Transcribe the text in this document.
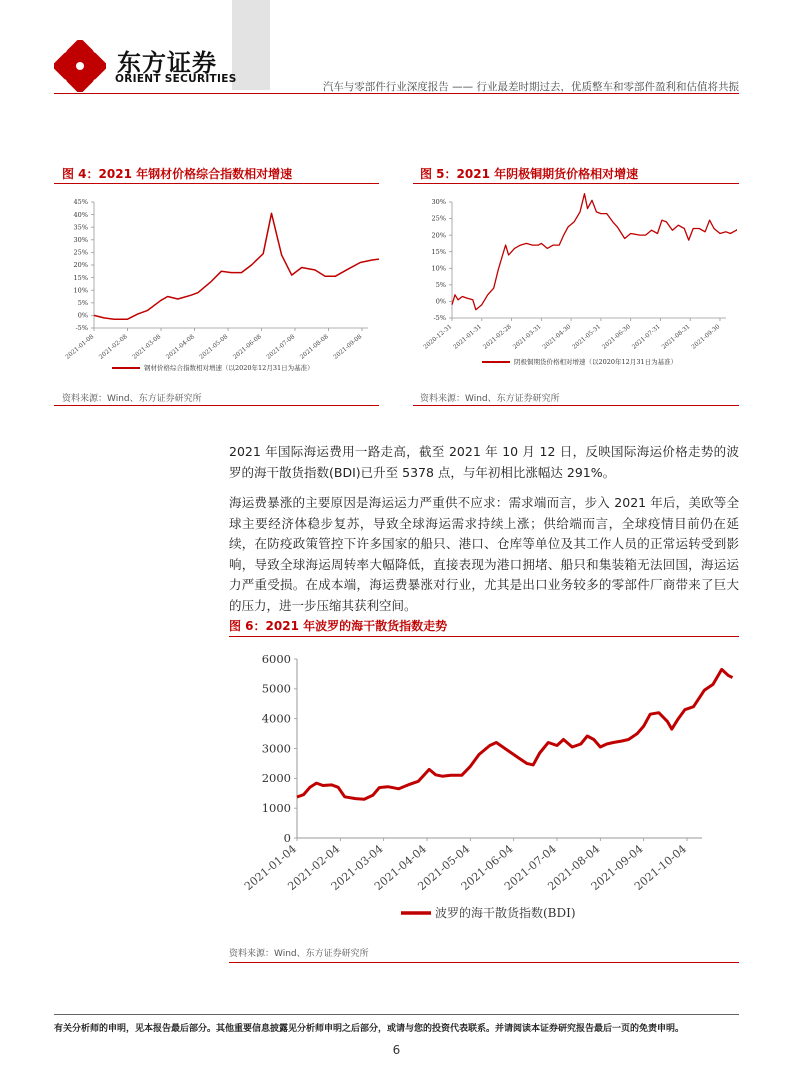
东方证券
ORIENT SECURITIES
汽车与零部件行业深度报告 —— 行业最差时期过去，优质整车和零部件盈利和估值将共振
图 4：2021 年钢材价格综合指数相对增速
45%
40%
35%
30%
25%
20%
15%
10%
5%
0%
-5%
2021-01-08 2021-02-08 2021-03-08 2021-04-08 2021-05-08 2021-06-08 2021-07-08 2021-08-08 2021-09-08
钢材价格综合指数相对增速（以2020年12月31日为基准）
资料来源：Wind、东方证券研究所
图 5：2021 年阴极铜期货价格相对增速
30%
25%
20%
15%
10%
5%
0%
-5%
2020-12-31
2021-01-31
2021-02-28
2021-03-31
2021-04-30
2021-05-31
2021-06-30
2021-07-31
2021-08-31
2021-09-30
阴极铜期货价格相对增速（以2020年12月31日为基准）
资料来源：Wind、东方证券研究所

2021 年国际海运费用一路走高，截至 2021 年 10 月 12 日，反映国际海运价格走势的波罗的海干散货指数(BDI)已升至 5378 点，与年初相比涨幅达 291%。

海运费暴涨的主要原因是海运运力严重供不应求：需求端而言，步入 2021 年后，美欧等全球主要经济体稳步复苏，导致全球海运需求持续上涨；供给端而言，全球疫情目前仍在延续，在防疫政策管控下许多国家的船只、港口、仓库等单位及其工作人员的正常运转受到影响，导致全球海运周转率大幅降低，直接表现为港口拥堵、船只和集装箱无法回国，海运运力严重受损。在成本端，海运费暴涨对行业，尤其是出口业务较多的零部件厂商带来了巨大的压力，进一步压缩其获利空间。

图 6：2021 年波罗的海干散货指数走势
0
1000
2000
3000
4000
5000
6000
2021-01-04
2021-02-04
2021-03-04
2021-04-04
2021-05-04
2021-06-04
2021-07-04
2021-08-04
2021-09-04
2021-10-04
波罗的海干散货指数(BDI)
资料来源：Wind、东方证券研究所
有关分析师的申明，见本报告最后部分。其他重要信息披露见分析师申明之后部分，或请与您的投资代表联系。并请阅读本证券研究报告最后一页的免责申明。
6
